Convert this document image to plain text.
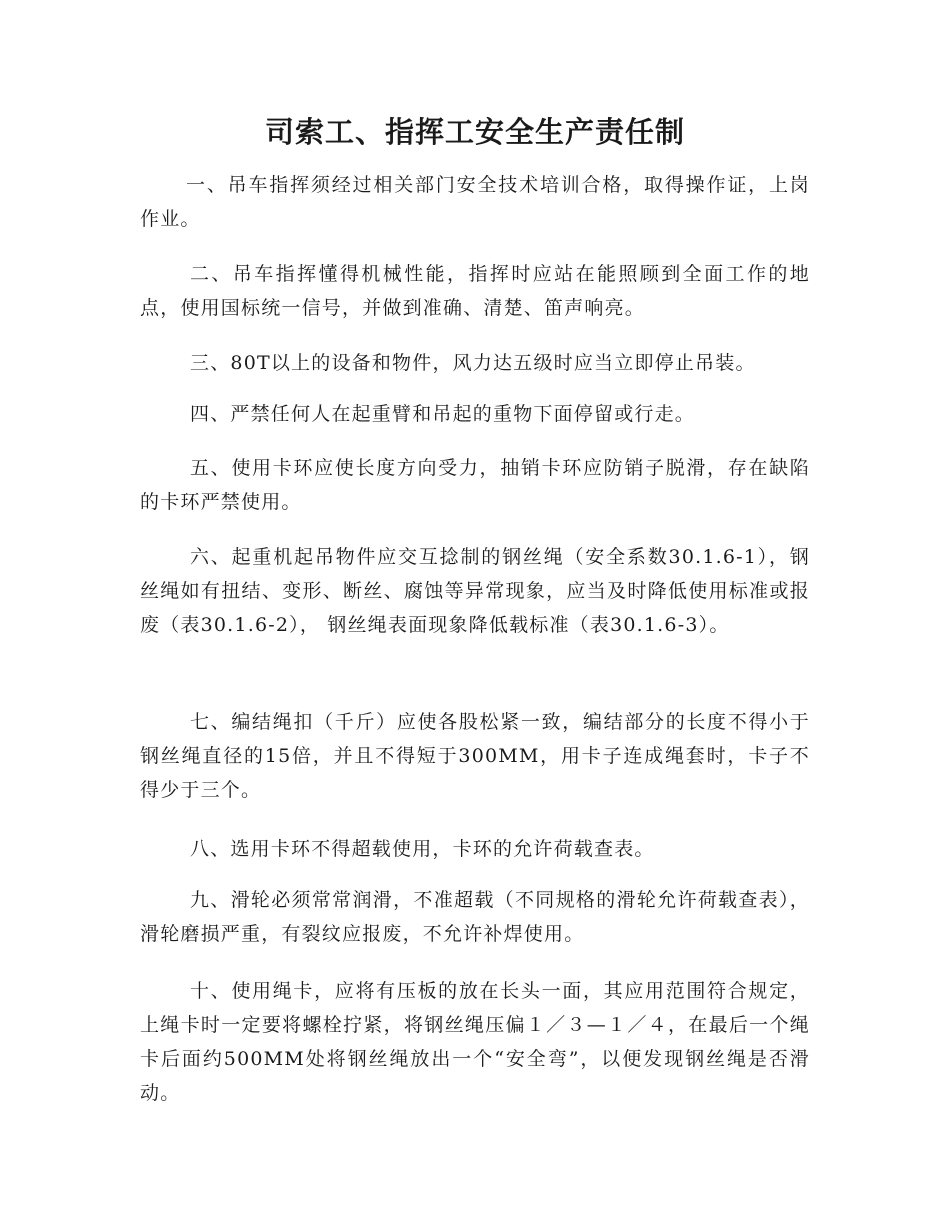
司索工、指挥工安全生产责任制

一、吊车指挥须经过相关部门安全技术培训合格，取得操作证，上岗作业。

二、吊车指挥懂得机械性能，指挥时应站在能照顾到全面工作的地点，使用国标统一信号，并做到准确、清楚、笛声响亮。

三、80T以上的设备和物件，风力达五级时应当立即停止吊装。

四、严禁任何人在起重臂和吊起的重物下面停留或行走。

五、使用卡环应使长度方向受力，抽销卡环应防销子脱滑，存在缺陷的卡环严禁使用。

六、起重机起吊物件应交互捻制的钢丝绳（安全系数30.1.6-1），钢丝绳如有扭结、变形、断丝、腐蚀等异常现象，应当及时降低使用标准或报废（表30.1.6-2）， 钢丝绳表面现象降低载标准（表30.1.6-3）。

七、编结绳扣（千斤）应使各股松紧一致，编结部分的长度不得小于钢丝绳直径的15倍，并且不得短于300MM，用卡子连成绳套时，卡子不得少于三个。

八、选用卡环不得超载使用，卡环的允许荷载查表。

九、滑轮必须常常润滑，不准超载（不同规格的滑轮允许荷载查表），滑轮磨损严重，有裂纹应报废，不允许补焊使用。

十、使用绳卡，应将有压板的放在长头一面，其应用范围符合规定，上绳卡时一定要将螺栓拧紧，将钢丝绳压偏１／３—１／４，在最后一个绳卡后面约500MM处将钢丝绳放出一个“安全弯”，以便发现钢丝绳是否滑动。
